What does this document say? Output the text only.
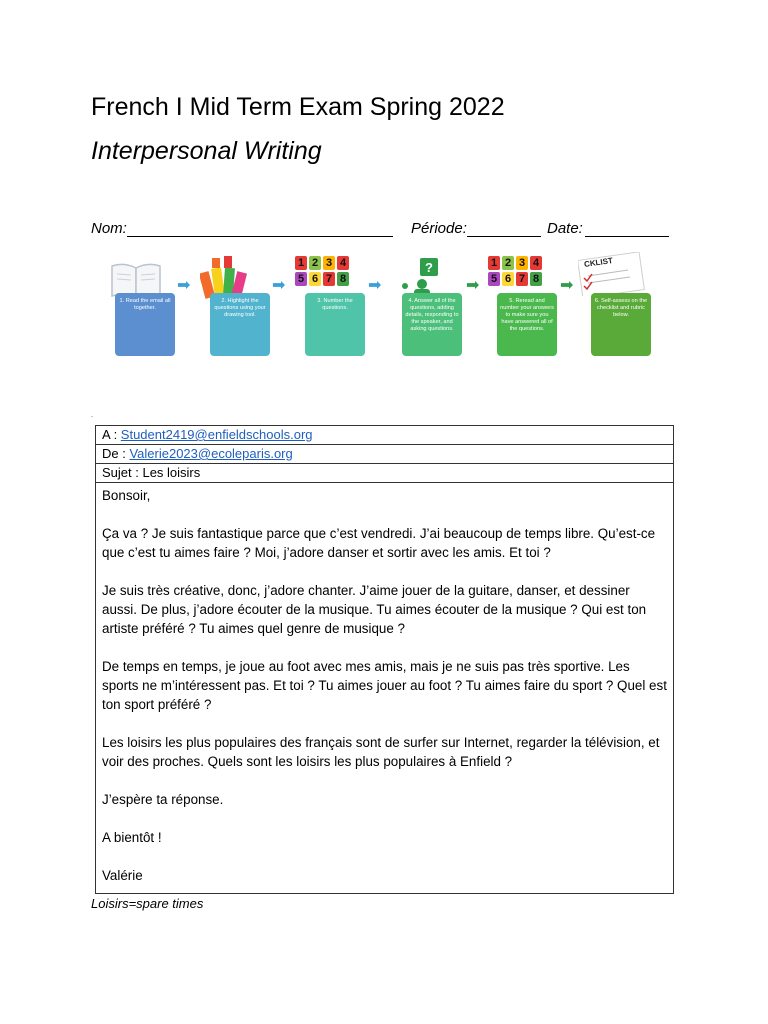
French I Mid Term Exam Spring 2022
Interpersonal Writing
Nom:	Période:	Date:
1. Read the email all together.
➡
2. Highlight the questions using your drawing tool.
➡
1 2 3 4
5 6 7 8
3. Number the questions.
➡
?
4. Answer all of the questions, adding details, responding to the speaker, and asking questions.
➡
1 2 3 4
5 6 7 8
5. Reread and number your answers to make sure you have answered all of the questions.
➡
CKLIST
6. Self-assess on the checklist and rubric below.
ˉ
A : Student2419@enfieldschools.org
De : Valerie2023@ecoleparis.org
Sujet : Les loisirs

Bonsoir,

Ça va ? Je suis fantastique parce que c’est vendredi. J’ai beaucoup de temps libre. Qu’est-ce que c’est tu aimes faire ? Moi, j’adore danser et sortir avec les amis. Et toi ?

Je suis très créative, donc, j’adore chanter. J’aime jouer de la guitare, danser, et dessiner aussi. De plus, j’adore écouter de la musique. Tu aimes écouter de la musique ? Qui est ton artiste préféré ? Tu aimes quel genre de musique ?

De temps en temps, je joue au foot avec mes amis, mais je ne suis pas très sportive. Les sports ne m’intéressent pas. Et toi ? Tu aimes jouer au foot ? Tu aimes faire du sport ? Quel est ton sport préféré ?

Les loisirs les plus populaires des français sont de surfer sur Internet, regarder la télévision, et voir des proches. Quels sont les loisirs les plus populaires à Enfield ?

J’espère ta réponse.

A bientôt !

Valérie

Loisirs=spare times
